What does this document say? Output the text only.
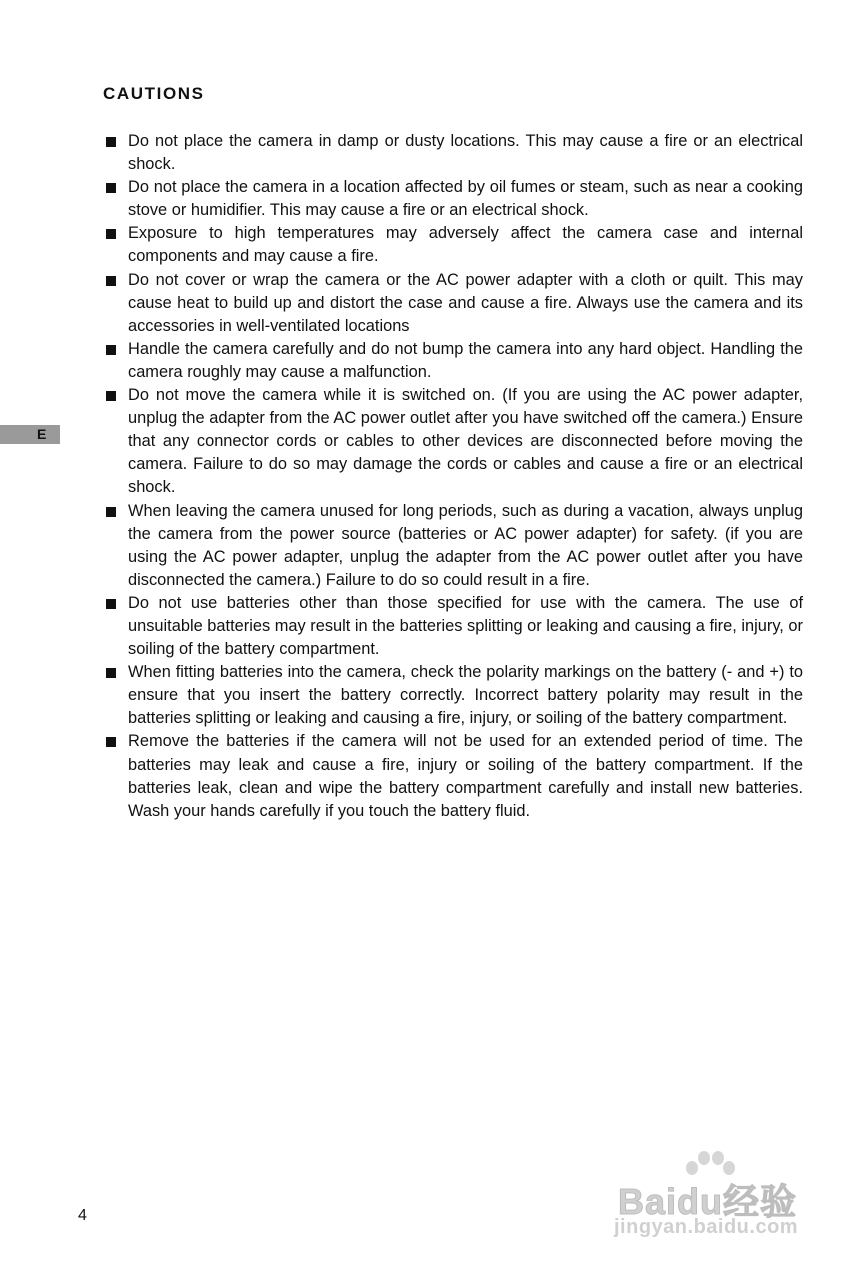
CAUTIONS
Do not place the camera in damp or dusty locations. This may cause a fire or an electrical shock.
Do not place the camera in a location affected by oil fumes or steam, such as near a cooking stove or humidifier. This may cause a fire or an electrical shock.
Exposure to high temperatures may adversely affect the camera case and internal components and may cause a fire.
Do not cover or wrap the camera or the AC power adapter with a cloth or quilt. This may cause heat to build up and distort the case and cause a fire. Always use the camera and its accessories in well-ventilated locations
Handle the camera carefully and do not bump the camera into any hard object. Handling the camera roughly may cause a malfunction.
Do not move the camera while it is switched on. (If you are using the AC power adapter, unplug the adapter from the AC power outlet after you have switched off the camera.) Ensure that any connector cords or cables to other devices are disconnected before moving the camera. Failure to do so may damage the cords or cables and cause a fire or an electrical shock.
When leaving the camera unused for long periods, such as during a vacation, always unplug the camera from the power source (batteries or AC power adapter) for safety. (if you are using the AC power adapter, unplug the adapter from the AC power outlet after you have disconnected the camera.) Failure to do so could result in a fire.
Do not use batteries other than those specified for use with the camera. The use of unsuitable batteries may result in the batteries splitting or leaking and causing a fire, injury, or soiling of the battery compartment.
When fitting batteries into the camera, check the polarity markings on the battery (- and +) to ensure that you insert the battery correctly. Incorrect battery polarity may result in the batteries splitting or leaking and causing a fire, injury, or soiling of the battery compartment.
Remove the batteries if the camera will not be used for an extended period of time. The batteries may leak and cause a fire, injury or soiling of the battery compartment. If the batteries leak, clean and wipe the battery compartment carefully and install new batteries. Wash your hands carefully if you touch the battery fluid.
E
4	Baidu经验
jingyan.baidu.com
